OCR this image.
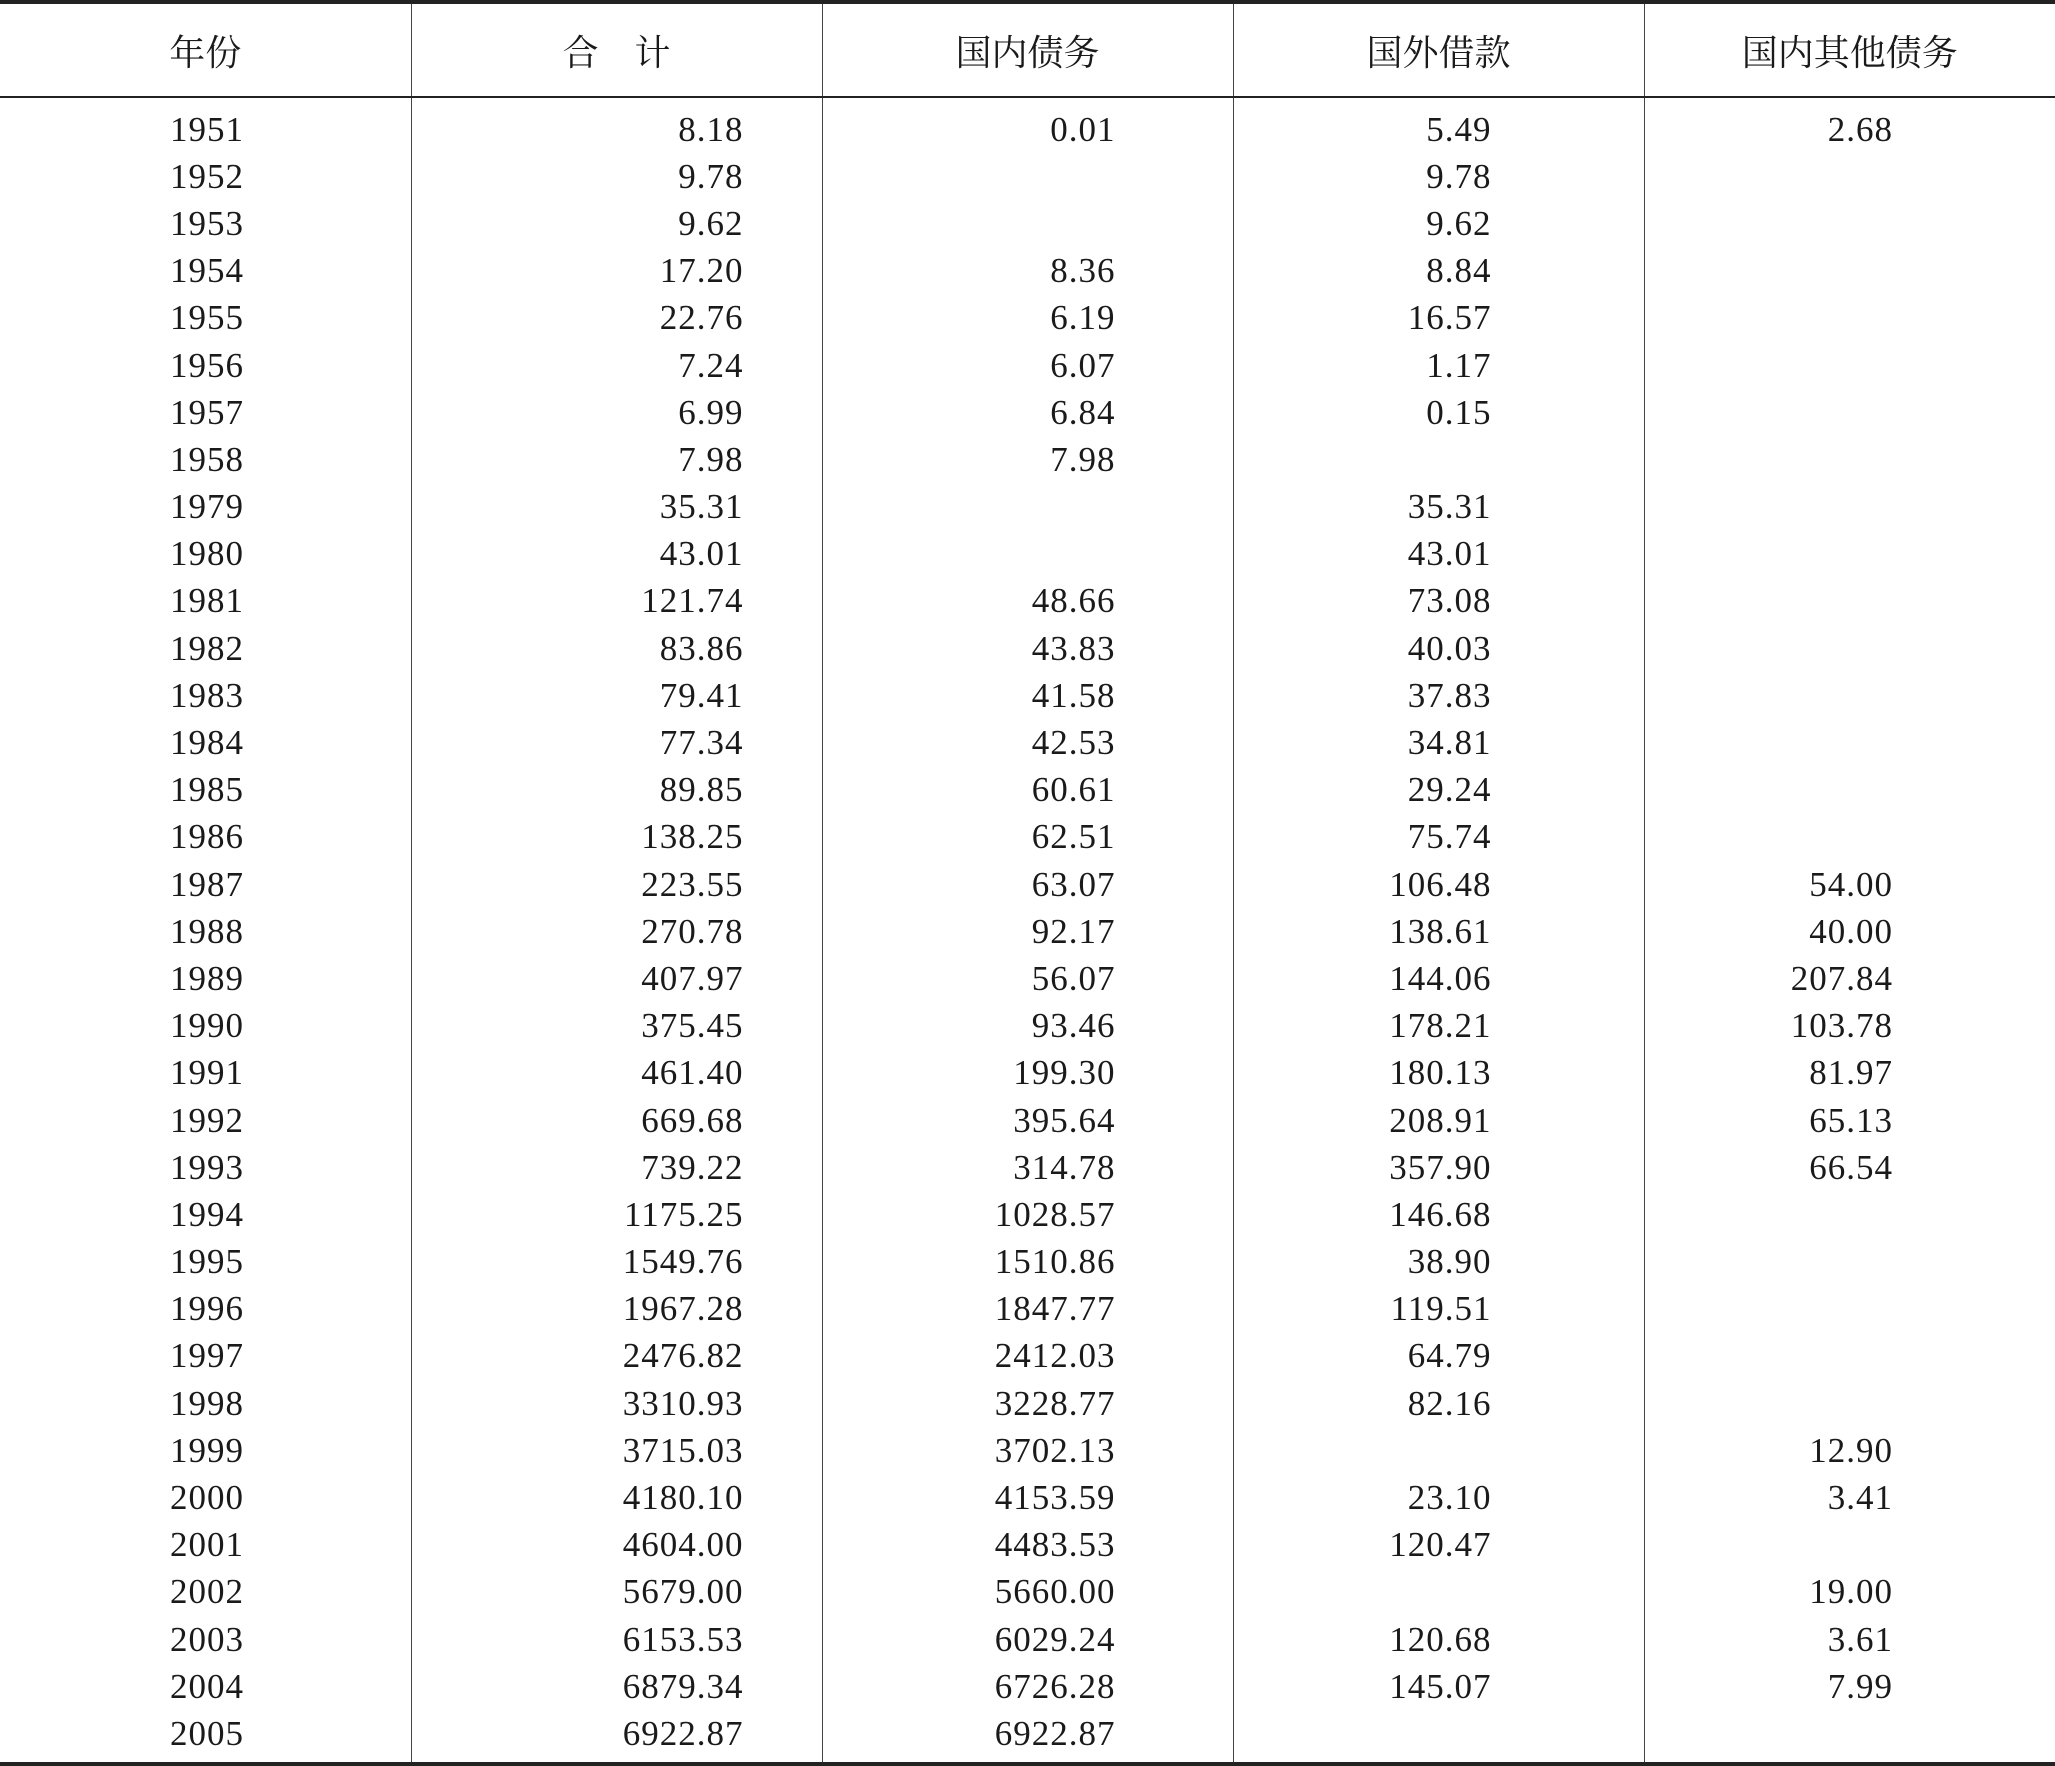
年份	合　计	国内债务	国外借款	国内其他债务
1951	8.18	0.01	5.49	2.68
1952	9.78		9.78	
1953	9.62		9.62	
1954	17.20	8.36	8.84	
1955	22.76	6.19	16.57	
1956	7.24	6.07	1.17	
1957	6.99	6.84	0.15	
1958	7.98	7.98		
1979	35.31		35.31	
1980	43.01		43.01	
1981	121.74	48.66	73.08	
1982	83.86	43.83	40.03	
1983	79.41	41.58	37.83	
1984	77.34	42.53	34.81	
1985	89.85	60.61	29.24	
1986	138.25	62.51	75.74	
1987	223.55	63.07	106.48	54.00
1988	270.78	92.17	138.61	40.00
1989	407.97	56.07	144.06	207.84
1990	375.45	93.46	178.21	103.78
1991	461.40	199.30	180.13	81.97
1992	669.68	395.64	208.91	65.13
1993	739.22	314.78	357.90	66.54
1994	1175.25	1028.57	146.68	
1995	1549.76	1510.86	38.90	
1996	1967.28	1847.77	119.51	
1997	2476.82	2412.03	64.79	
1998	3310.93	3228.77	82.16	
1999	3715.03	3702.13		12.90
2000	4180.10	4153.59	23.10	3.41
2001	4604.00	4483.53	120.47	
2002	5679.00	5660.00		19.00
2003	6153.53	6029.24	120.68	3.61
2004	6879.34	6726.28	145.07	7.99
2005	6922.87	6922.87		
